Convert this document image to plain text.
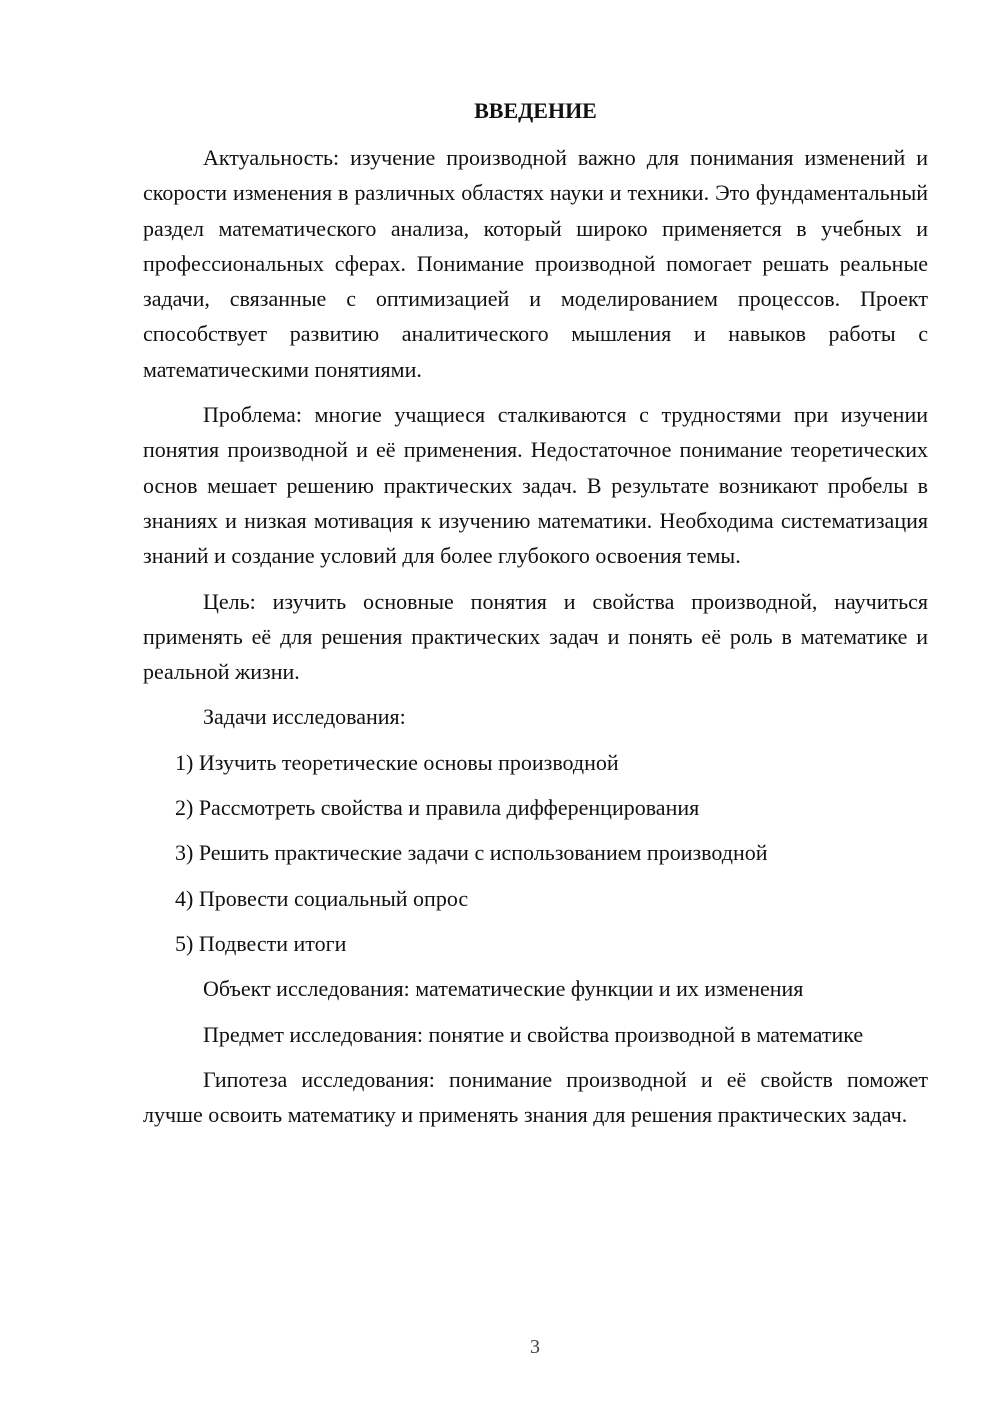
ВВЕДЕНИЕ

Актуальность: изучение производной важно для понимания изменений и скорости изменения в различных областях науки и техники. Это фундаментальный раздел математического анализа, который широко применяется в учебных и профессиональных сферах. Понимание производной помогает решать реальные задачи, связанные с оптимизацией и моделированием процессов. Проект способствует развитию аналитического мышления и навыков работы с математическими понятиями.

Проблема: многие учащиеся сталкиваются с трудностями при изучении понятия производной и её применения. Недостаточное понимание теоретических основ мешает решению практических задач. В результате возникают пробелы в знаниях и низкая мотивация к изучению математики. Необходима систематизация знаний и создание условий для более глубокого освоения темы.

Цель: изучить основные понятия и свойства производной, научиться применять её для решения практических задач и понять её роль в математике и реальной жизни.

Задачи исследования:

1) Изучить теоретические основы производной
2) Рассмотреть свойства и правила дифференцирования
3) Решить практические задачи с использованием производной
4) Провести социальный опрос
5) Подвести итоги

Объект исследования: математические функции и их изменения

Предмет исследования: понятие и свойства производной в математике

Гипотеза исследования: понимание производной и её свойств поможет лучше освоить математику и применять знания для решения практических задач.

3
